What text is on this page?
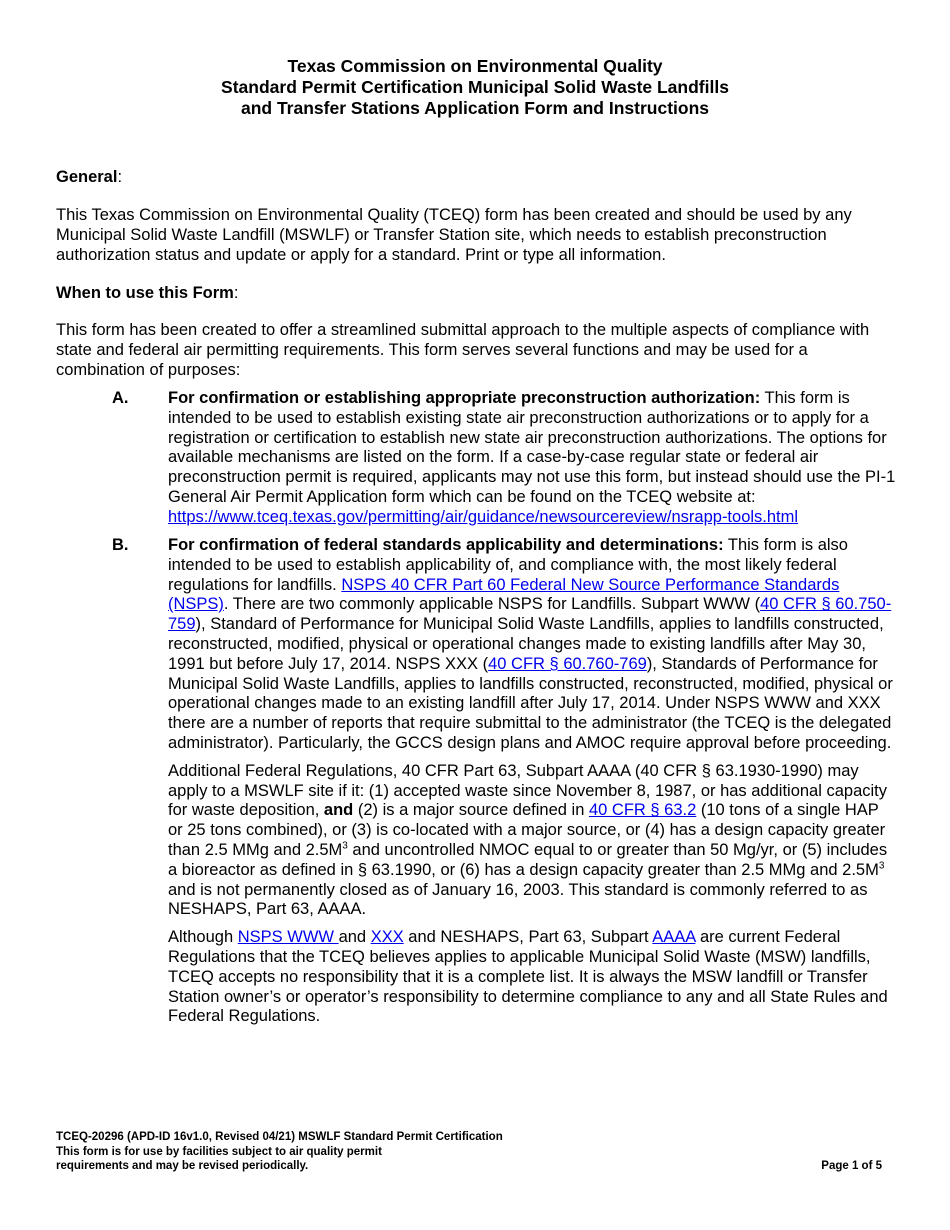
Texas Commission on Environmental Quality
Standard Permit Certification Municipal Solid Waste Landfills
and Transfer Stations Application Form and Instructions
General:
This Texas Commission on Environmental Quality (TCEQ) form has been created and should be used by any Municipal Solid Waste Landfill (MSWLF) or Transfer Station site, which needs to establish preconstruction authorization status and update or apply for a standard. Print or type all information.
When to use this Form:
This form has been created to offer a streamlined submittal approach to the multiple aspects of compliance with state and federal air permitting requirements. This form serves several functions and may be used for a combination of purposes:
A. For confirmation or establishing appropriate preconstruction authorization: This form is intended to be used to establish existing state air preconstruction authorizations or to apply for a registration or certification to establish new state air preconstruction authorizations. The options for available mechanisms are listed on the form. If a case-by-case regular state or federal air preconstruction permit is required, applicants may not use this form, but instead should use the PI-1 General Air Permit Application form which can be found on the TCEQ website at:
https://www.tceq.texas.gov/permitting/air/guidance/newsourcereview/nsrapp-tools.html

B. For confirmation of federal standards applicability and determinations: This form is also intended to be used to establish applicability of, and compliance with, the most likely federal regulations for landfills. NSPS 40 CFR Part 60 Federal New Source Performance Standards (NSPS). There are two commonly applicable NSPS for Landfills. Subpart WWW (40 CFR § 60.750-759), Standard of Performance for Municipal Solid Waste Landfills, applies to landfills constructed, reconstructed, modified, physical or operational changes made to existing landfills after May 30, 1991 but before July 17, 2014. NSPS XXX (40 CFR § 60.760-769), Standards of Performance for Municipal Solid Waste Landfills, applies to landfills constructed, reconstructed, modified, physical or operational changes made to an existing landfill after July 17, 2014. Under NSPS WWW and XXX there are a number of reports that require submittal to the administrator (the TCEQ is the delegated administrator). Particularly, the GCCS design plans and AMOC require approval before proceeding.

Additional Federal Regulations, 40 CFR Part 63, Subpart AAAA (40 CFR § 63.1930-1990) may apply to a MSWLF site if it: (1) accepted waste since November 8, 1987, or has additional capacity for waste deposition, and (2) is a major source defined in 40 CFR § 63.2 (10 tons of a single HAP or 25 tons combined), or (3) is co-located with a major source, or (4) has a design capacity greater than 2.5 MMg and $2.5M^3$ and uncontrolled NMOC equal to or greater than 50 Mg/yr, or (5) includes a bioreactor as defined in § 63.1990, or (6) has a design capacity greater than 2.5 MMg and $2.5M^3$ and is not permanently closed as of January 16, 2003. This standard is commonly referred to as NESHAPS, Part 63, AAAA.

Although NSPS WWW and XXX and NESHAPS, Part 63, Subpart AAAA are current Federal Regulations that the TCEQ believes applies to applicable Municipal Solid Waste (MSW) landfills, TCEQ accepts no responsibility that it is a complete list. It is always the MSW landfill or Transfer Station owner’s or operator’s responsibility to determine compliance to any and all State Rules and Federal Regulations.

TCEQ-20296 (APD-ID 16v1.0, Revised 04/21) MSWLF Standard Permit Certification
This form is for use by facilities subject to air quality permit
requirements and may be revised periodically.	Page 1 of 5
